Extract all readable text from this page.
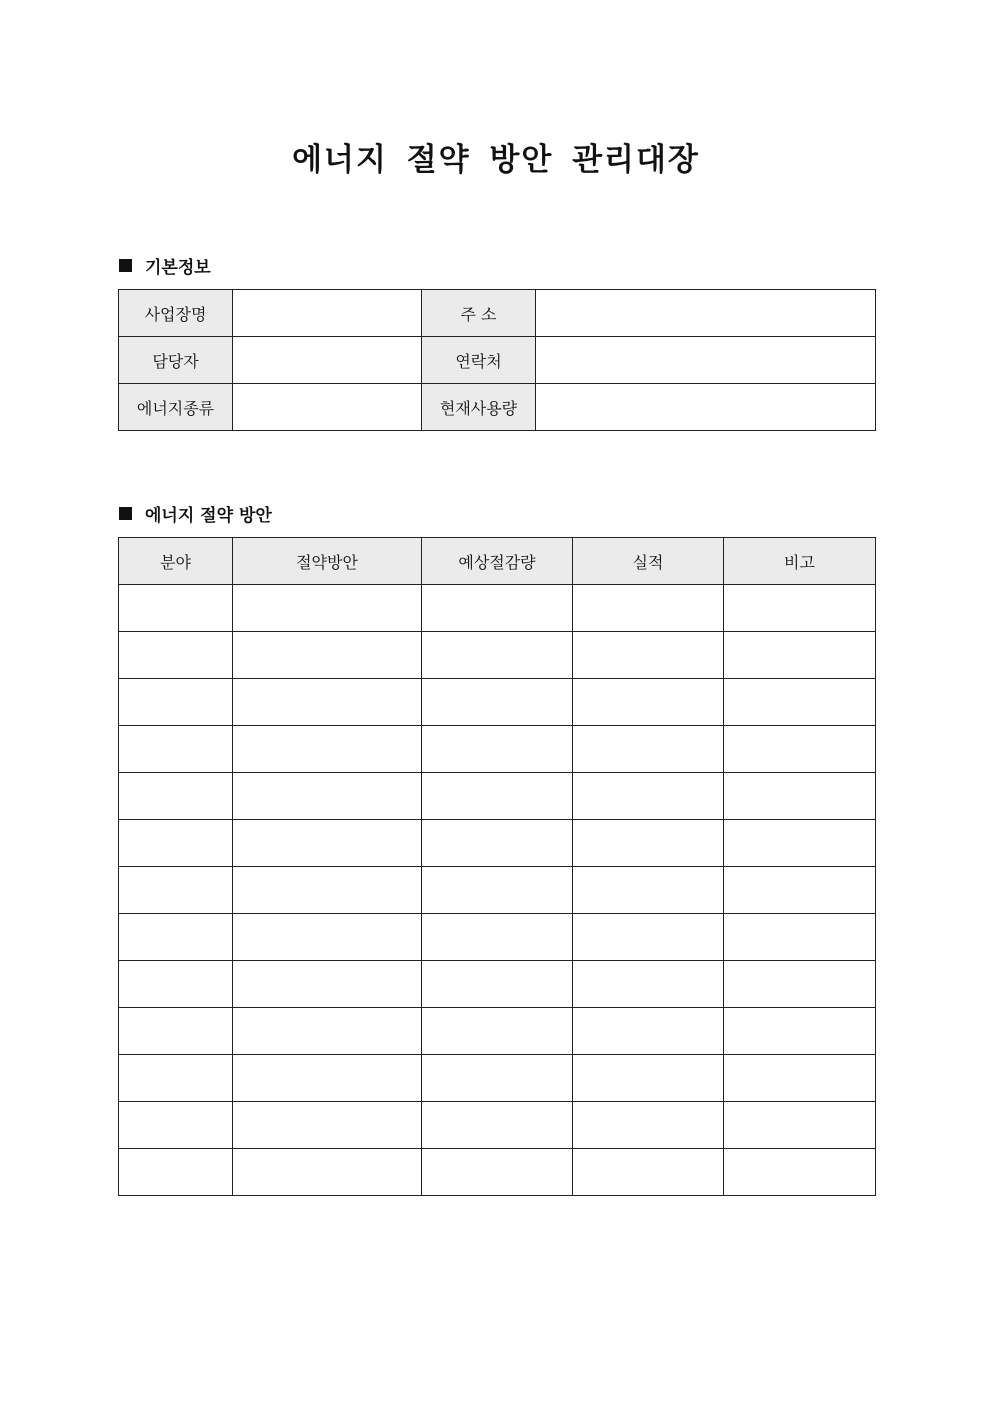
에너지 절약 방안 관리대장
기본정보
사업장명		주 소	
담당자		연락처	
에너지종류		현재사용량	
에너지 절약 방안
분야	절약방안	예상절감량	실적	비고
